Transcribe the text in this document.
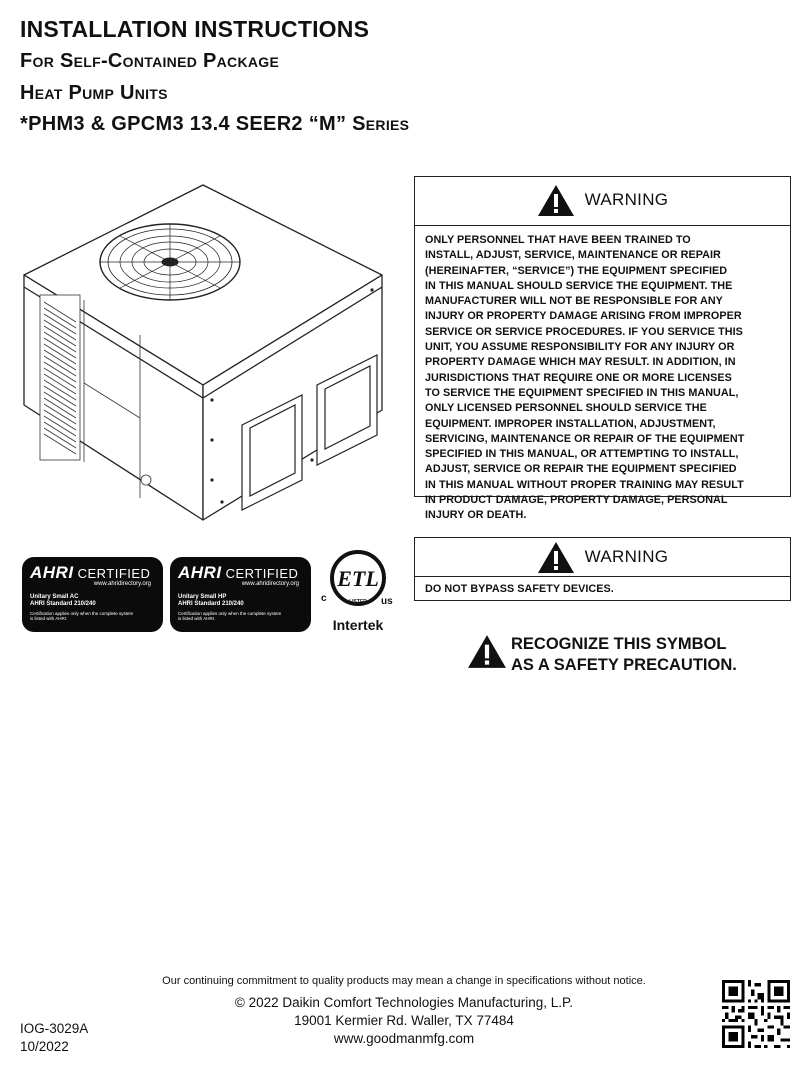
INSTALLATION INSTRUCTIONS
For Self-Contained Package
Heat Pump Units
*PHM3 & GPCM3 13.4 SEER2 “M” Series
WARNING
ONLY PERSONNEL THAT HAVE BEEN TRAINED TO
INSTALL, ADJUST, SERVICE, MAINTENANCE OR REPAIR
(HEREINAFTER, “SERVICE”) THE EQUIPMENT SPECIFIED
IN THIS MANUAL SHOULD SERVICE THE EQUIPMENT. THE
MANUFACTURER WILL NOT BE RESPONSIBLE FOR ANY
INJURY OR PROPERTY DAMAGE ARISING FROM IMPROPER
SERVICE OR SERVICE PROCEDURES. IF YOU SERVICE THIS
UNIT, YOU ASSUME RESPONSIBILITY FOR ANY INJURY OR
PROPERTY DAMAGE WHICH MAY RESULT. IN ADDITION, IN
JURISDICTIONS THAT REQUIRE ONE OR MORE LICENSES
TO SERVICE THE EQUIPMENT SPECIFIED IN THIS MANUAL,
ONLY LICENSED PERSONNEL SHOULD SERVICE THE
EQUIPMENT. IMPROPER INSTALLATION, ADJUSTMENT,
SERVICING, MAINTENANCE OR REPAIR OF THE EQUIPMENT
SPECIFIED IN THIS MANUAL, OR ATTEMPTING TO INSTALL,
ADJUST, SERVICE OR REPAIR THE EQUIPMENT SPECIFIED
IN THIS MANUAL WITHOUT PROPER TRAINING MAY RESULT
IN PRODUCT DAMAGE, PROPERTY DAMAGE, PERSONAL
INJURY OR DEATH.
WARNING
DO NOT BYPASS SAFETY DEVICES.
RECOGNIZE THIS SYMBOL
AS A SAFETY PRECAUTION.
AHRI CERTIFIED
www.ahridirectory.org
Unitary Small AC
AHRI Standard 210/240
Certification applies only when the complete system
is listed with AHRI.
AHRI CERTIFIED
www.ahridirectory.org
Unitary Small HP
AHRI Standard 210/240
Certification applies only when the complete system
is listed with AHRI.
ETL
LISTED
c	us
Intertek
Our continuing commitment to quality products may mean a change in specifications without notice.
© 2022 Daikin Comfort Technologies Manufacturing, L.P.
19001 Kermier Rd. Waller, TX 77484
www.goodmanmfg.com
IOG-3029A
10/2022
